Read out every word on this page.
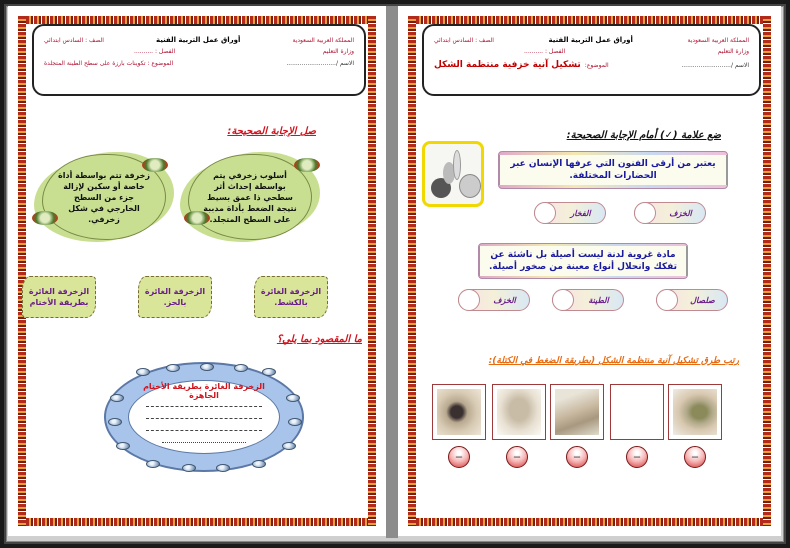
المملكة العربية السعودية
أوراق عمل التربية الفنية
الصف : السادس ابتدائي
وزارة التعليم
الفصل : ..........
الاسم /..........................
الموضوع : تكوينات بارزة على سطح الطينة المتجلدة
صل الإجابة الصحيحة:
أسلوب زخرفي يتم بواسطة إحداث أثر سطحي ذا عمق بسيط نتيجة الضغط بأداة مدببة على السطح المتجلد.
زخرفة تتم بواسطة أداة خاصة أو سكين لإزالة جزء من السطح الخارجي في شكل زخرفي.
الزخرفة الغائرة بالكشط.
الزخرفة الغائرة بالحز.
الزخرفة الغائرة بطريقة الأختام
ما المقصود بما يلي؟
الزخرفة الغائرة بطريقة الأختام الجاهزة
المملكة العربية السعودية
أوراق عمل التربية الفنية
الصف : السادس ابتدائي
وزارة التعليم
الفصل : ..........
الاسم /..........................
الموضوع:
تشكيل آنية خزفية منتظمة الشكل
ضع علامة (✓) أمام الإجابة الصحيحة:
يعتبر من أرقى الفنون التي عرفها الإنسان عبر الحضارات المختلفة.
الخزف
الفخار
مادة غروية لدنة ليست أصيلة بل ناشئة عن تفكك وانحلال أنواع معينة من صخور أصيلة.
صلصال
الطينة
الخزف
رتب طرق تشكيل آنية منتظمة الشكل (بطريقة الضغط في الكتلة):
—	—	—	—	—
